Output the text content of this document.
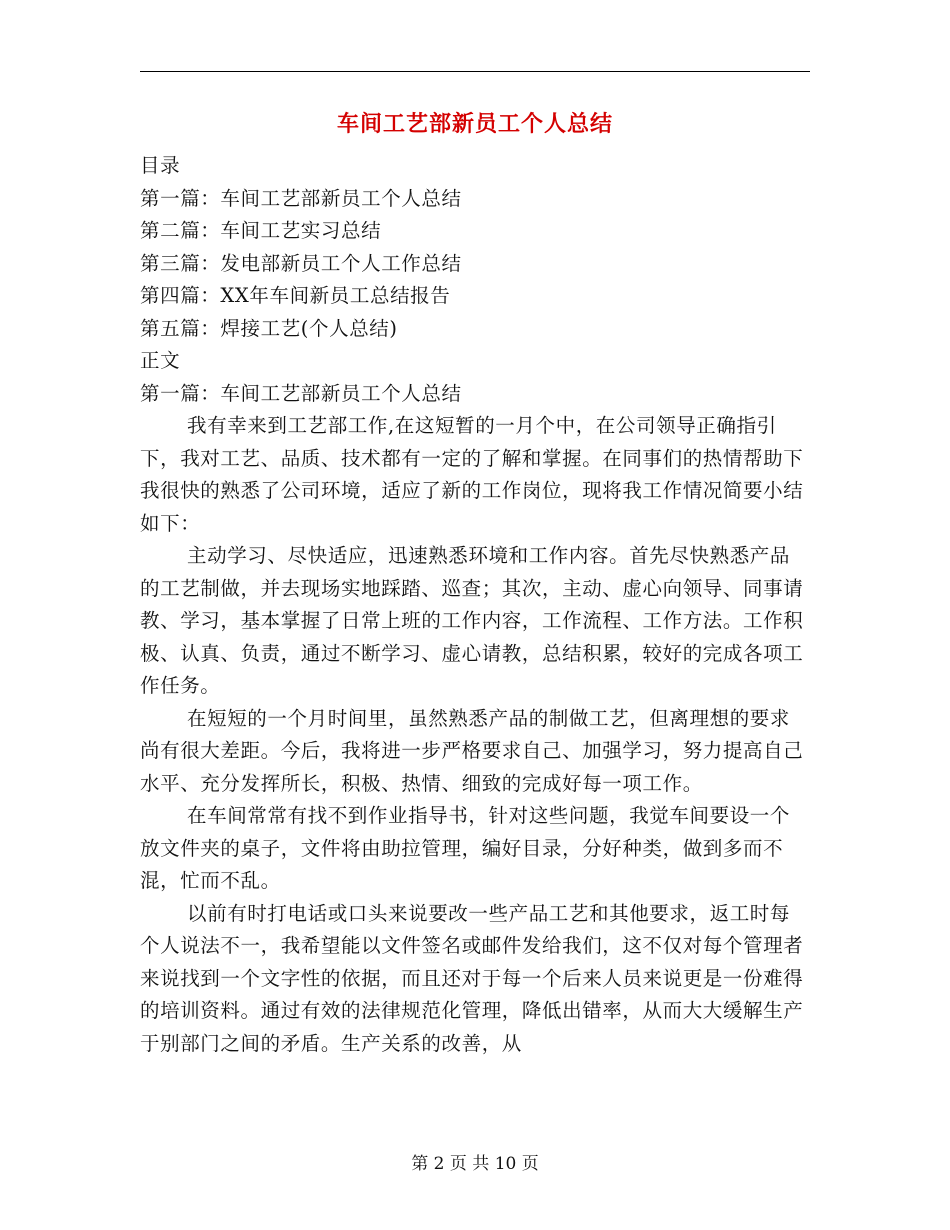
车间工艺部新员工个人总结

目录

第一篇：车间工艺部新员工个人总结

第二篇：车间工艺实习总结

第三篇：发电部新员工个人工作总结

第四篇：XX年车间新员工总结报告

第五篇：焊接工艺(个人总结)

正文

第一篇：车间工艺部新员工个人总结

我有幸来到工艺部工作,在这短暂的一月个中，在公司领导正确指引下，我对工艺、品质、技术都有一定的了解和掌握。在同事们的热情帮助下我很快的熟悉了公司环境，适应了新的工作岗位，现将我工作情况简要小结如下：

主动学习、尽快适应，迅速熟悉环境和工作内容。首先尽快熟悉产品的工艺制做，并去现场实地踩踏、巡查；其次，主动、虚心向领导、同事请教、学习，基本掌握了日常上班的工作内容，工作流程、工作方法。工作积极、认真、负责，通过不断学习、虚心请教，总结积累，较好的完成各项工作任务。

在短短的一个月时间里，虽然熟悉产品的制做工艺，但离理想的要求尚有很大差距。今后，我将进一步严格要求自己、加强学习，努力提高自己水平、充分发挥所长，积极、热情、细致的完成好每一项工作。

在车间常常有找不到作业指导书，针对这些问题，我觉车间要设一个放文件夹的桌子，文件将由助拉管理，编好目录，分好种类，做到多而不混，忙而不乱。

以前有时打电话或口头来说要改一些产品工艺和其他要求，返工时每个人说法不一，我希望能以文件签名或邮件发给我们，这不仅对每个管理者来说找到一个文字性的依据，而且还对于每一个后来人员来说更是一份难得的培训资料。通过有效的法律规范化管理，降低出错率，从而大大缓解生产于别部门之间的矛盾。生产关系的改善，从

第 2 页 共 10 页
